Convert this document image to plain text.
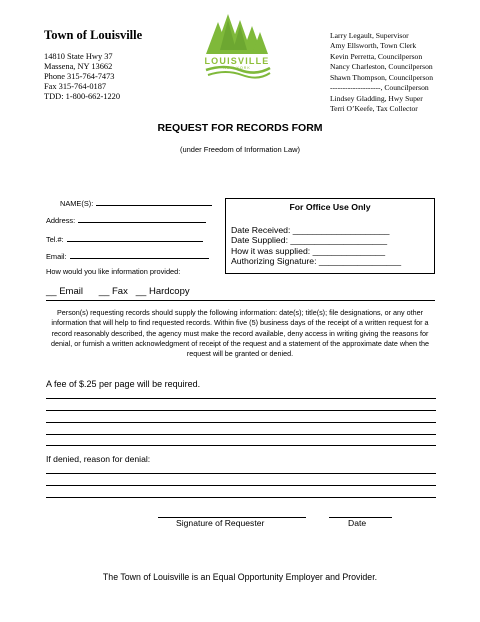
Town of Louisville
14810 State Hwy 37
Massena, NY 13662
Phone 315-764-7473
Fax 315-764-0187
TDD: 1-800-662-1220
LOUISVILLE
NEW YORK
Larry Legault, Supervisor
Amy Ellsworth, Town Clerk
Kevin Perretta, Councilperson
Nancy Charleston, Councilperson
Shawn Thompson, Councilperson
--------------------, Councilperson
Lindsey Gladding, Hwy Super
Terri O’Keefe, Tax Collector
REQUEST FOR RECORDS FORM
(under Freedom of Information Law)
NAME(S):
Address:
Tel.#:
Email:
How would you like information provided:
For Office Use Only
Date Received: ____________________
Date Supplied: ____________________
How it was supplied: _______________
Authorizing Signature: _________________
__ Email      __ Fax   __ Hardcopy
Person(s) requesting records should supply the following information: date(s); title(s); file designations, or any other information that will help to find requested records. Within five (5) business days of the receipt of a written request for a record reasonably described, the agency must make the record available, deny access in writing giving the reasons for denial, or furnish a written acknowledgment of receipt of the request and a statement of the approximate date when the request will be granted or denied.
A fee of $.25 per page will be required.
If denied, reason for denial:
Signature of Requester	Date
The Town of Louisville is an Equal Opportunity Employer and Provider.
